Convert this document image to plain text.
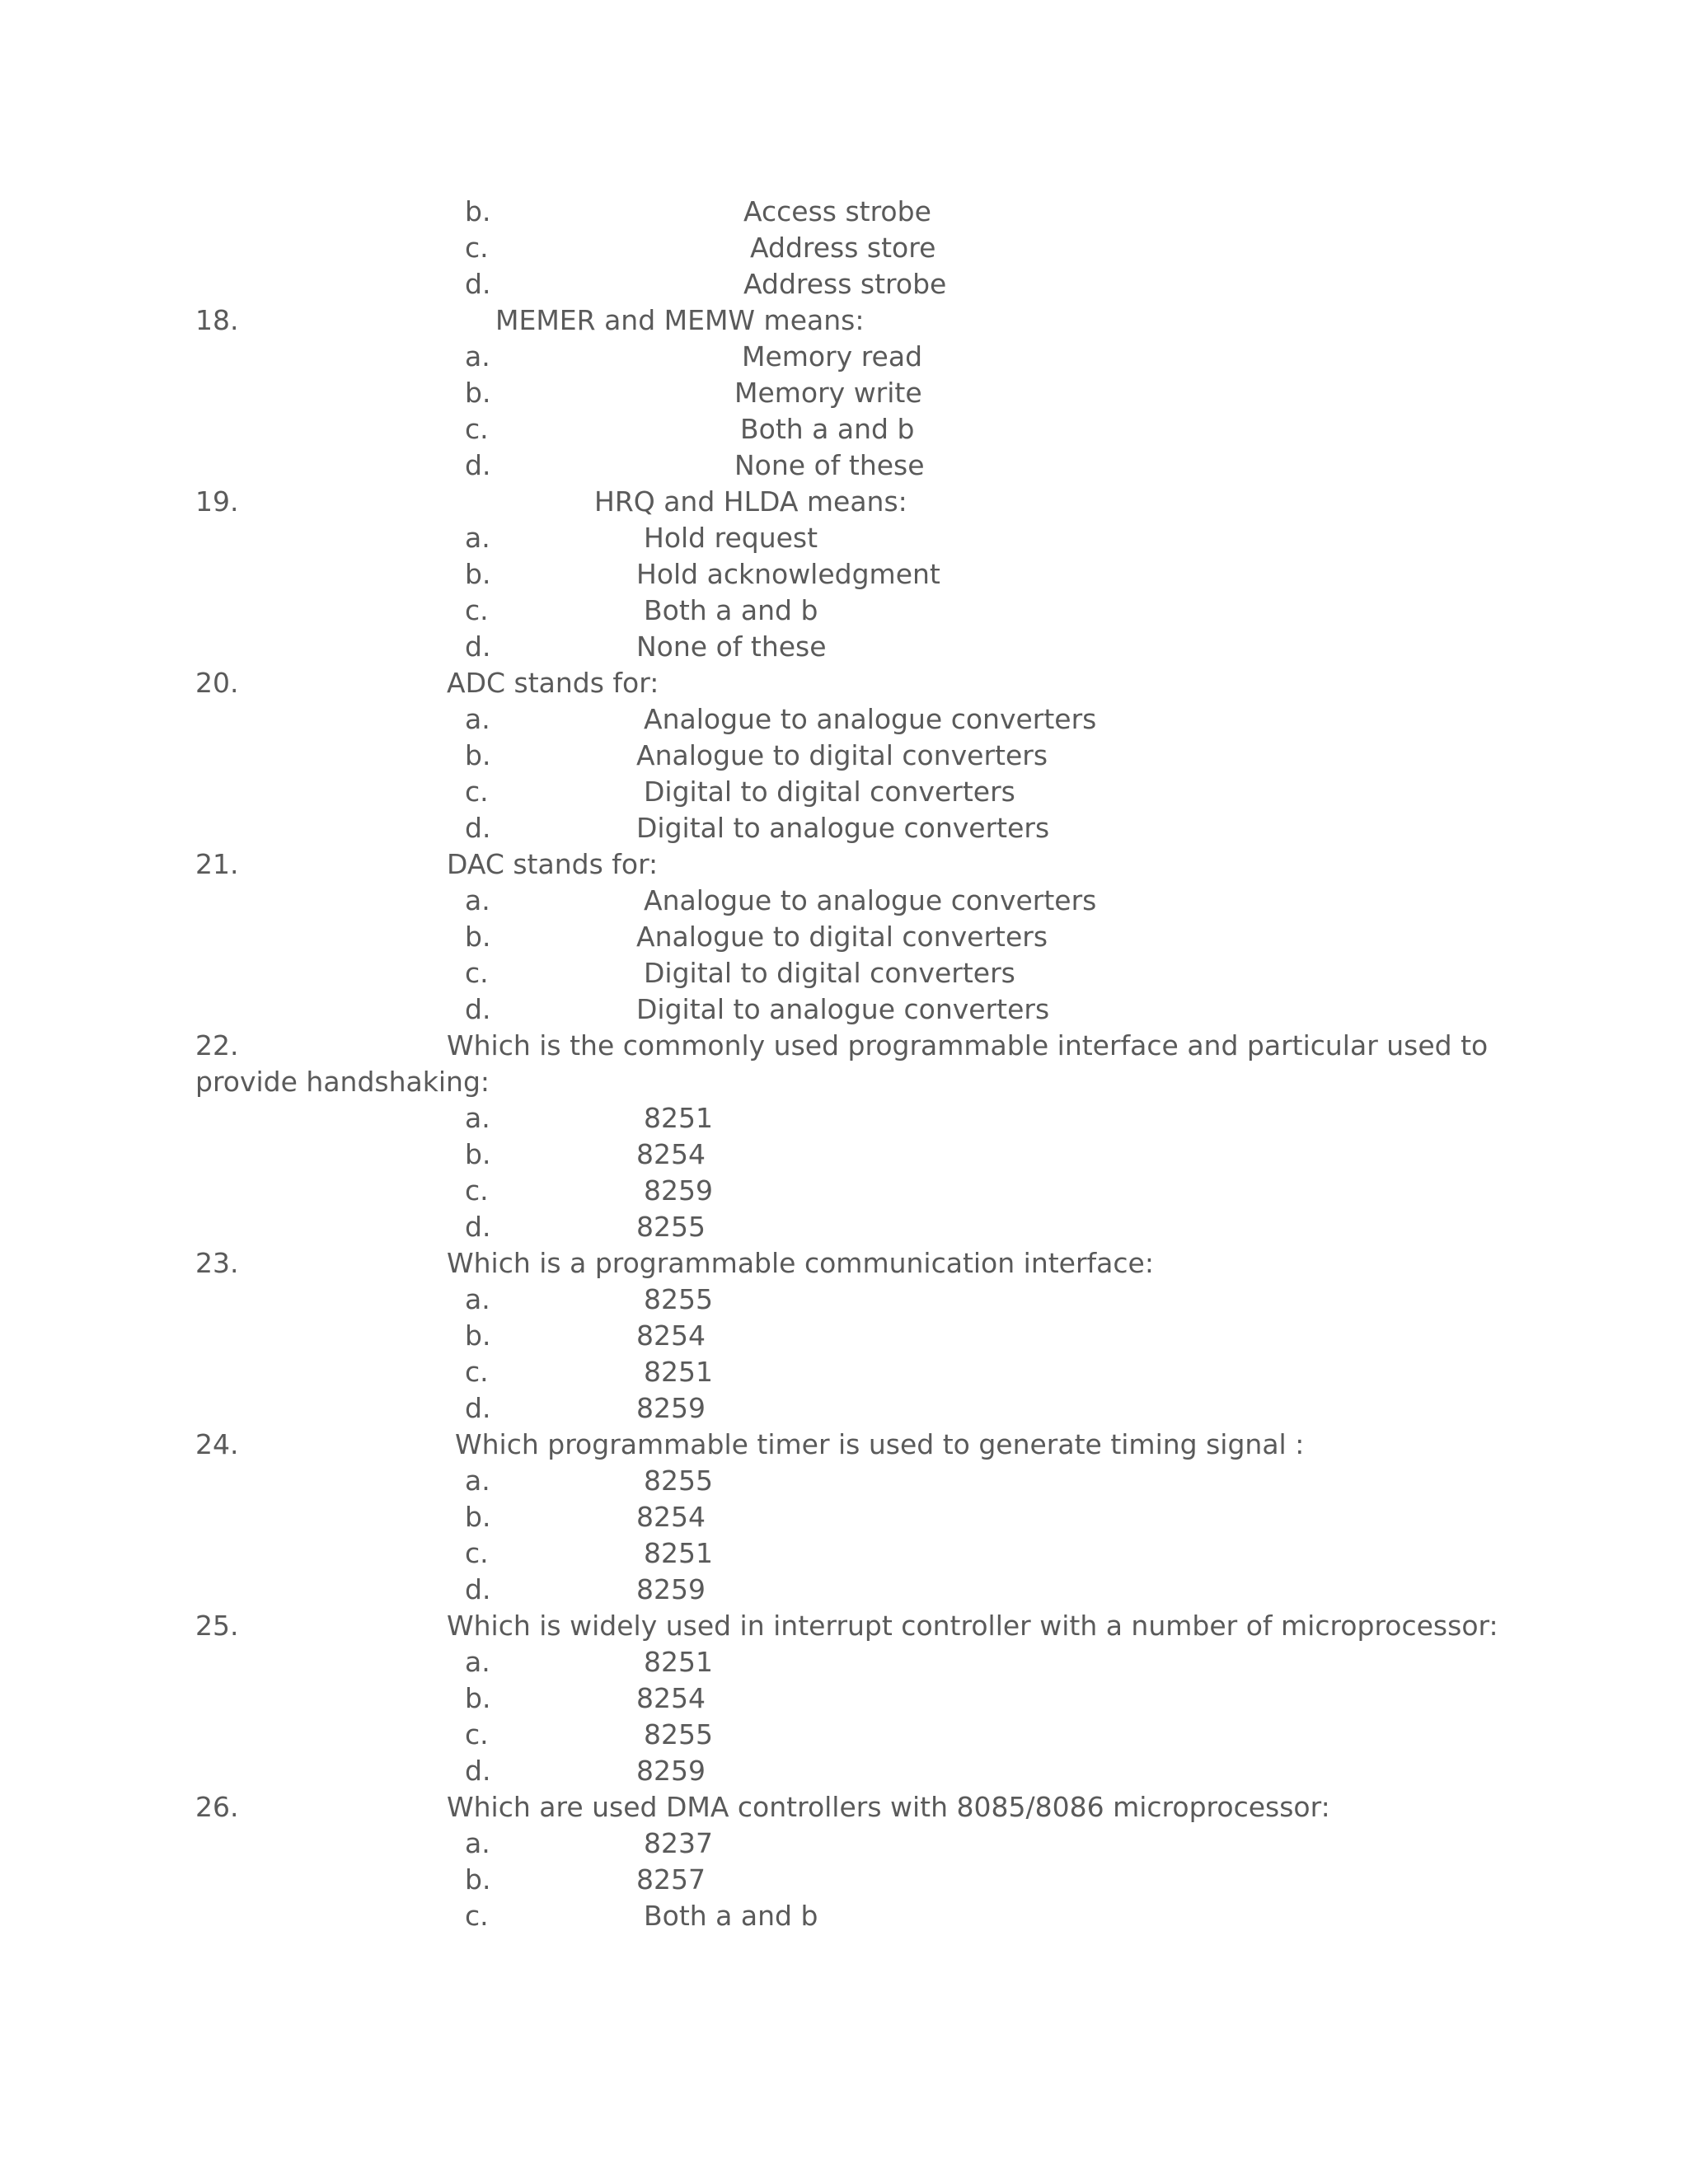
b.	Access strobe
c.	Address store
d.	Address strobe
18.	MEMER and MEMW means:
a.	Memory read
b.	Memory write
c.	Both a and b
d.	None of these
19.	HRQ and HLDA means:
a.	Hold request
b.	Hold acknowledgment
c.	Both a and b
d.	None of these
20.	ADC stands for:
a.	Analogue to analogue converters
b.	Analogue to digital converters
c.	Digital to digital converters
d.	Digital to analogue converters
21.	DAC stands for:
a.	Analogue to analogue converters
b.	Analogue to digital converters
c.	Digital to digital converters
d.	Digital to analogue converters
22.	Which is the commonly used programmable interface and particular used to
provide handshaking:
a.	8251
b.	8254
c.	8259
d.	8255
23.	Which is a programmable communication interface:
a.	8255
b.	8254
c.	8251
d.	8259
24.	Which programmable timer is used to generate timing signal :
a.	8255
b.	8254
c.	8251
d.	8259
25.	Which is widely used in interrupt controller with a number of microprocessor:
a.	8251
b.	8254
c.	8255
d.	8259
26.	Which are used DMA controllers with 8085/8086 microprocessor:
a.	8237
b.	8257
c.	Both a and b
